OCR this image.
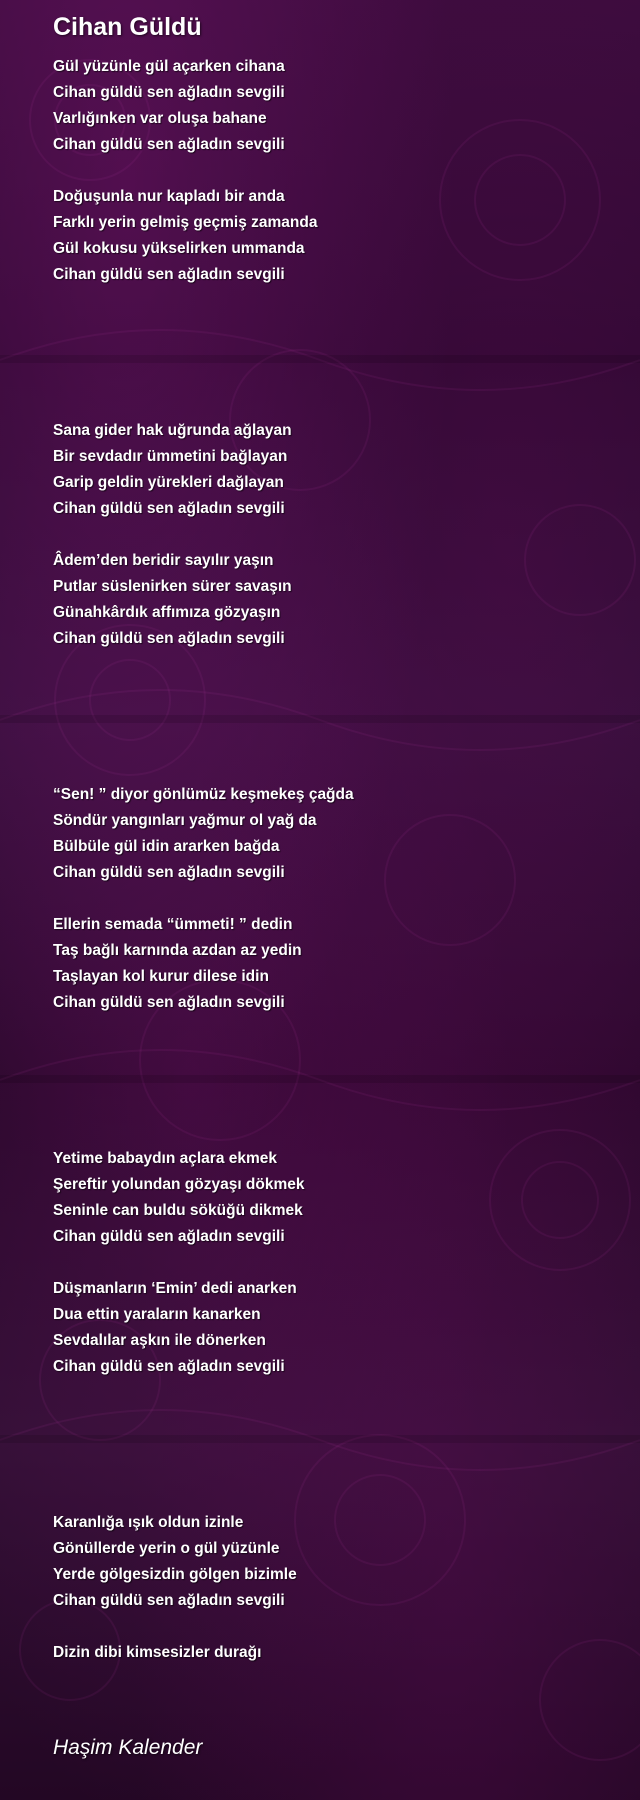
Cihan Güldü
Gül yüzünle gül açarken cihana
Cihan güldü sen ağladın sevgili
Varlığınken var oluşa bahane
Cihan güldü sen ağladın sevgili
Doğuşunla nur kapladı bir anda
Farklı yerin gelmiş geçmiş zamanda
Gül kokusu yükselirken ummanda
Cihan güldü sen ağladın sevgili
Sana gider hak uğrunda ağlayan
Bir sevdadır ümmetini bağlayan
Garip geldin yürekleri dağlayan
Cihan güldü sen ağladın sevgili
Âdem’den beridir sayılır yaşın
Putlar süslenirken sürer savaşın
Günahkârdık affımıza gözyaşın
Cihan güldü sen ağladın sevgili
“Sen! ” diyor gönlümüz keşmekeş çağda
Söndür yangınları yağmur ol yağ da
Bülbüle gül idin ararken bağda
Cihan güldü sen ağladın sevgili
Ellerin semada “ümmeti! ” dedin
Taş bağlı karnında azdan az yedin
Taşlayan kol kurur dilese idin
Cihan güldü sen ağladın sevgili
Yetime babaydın açlara ekmek
Şereftir yolundan gözyaşı dökmek
Seninle can buldu söküğü dikmek
Cihan güldü sen ağladın sevgili
Düşmanların ‘Emin’ dedi anarken
Dua ettin yaraların kanarken
Sevdalılar aşkın ile dönerken
Cihan güldü sen ağladın sevgili
Karanlığa ışık oldun izinle
Gönüllerde yerin o gül yüzünle
Yerde gölgesizdin gölgen bizimle
Cihan güldü sen ağladın sevgili
Dizin dibi kimsesizler durağı
Haşim Kalender
